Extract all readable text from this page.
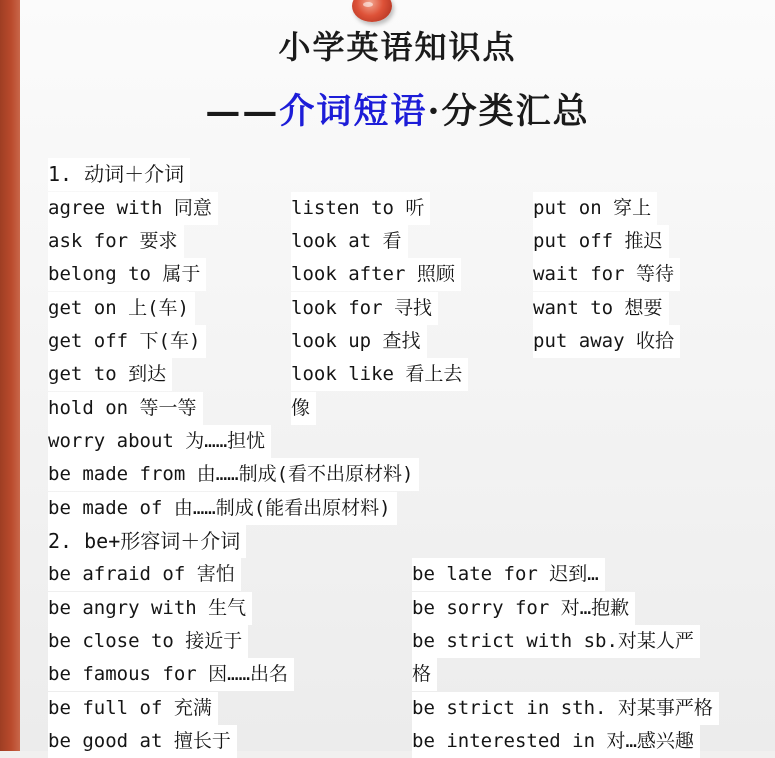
小学英语知识点
——介词短语·分类汇总
1. 动词＋介词
agree with 同意	listen to 听	put on 穿上
ask for 要求	look at 看	put off 推迟
belong to 属于	look after 照顾	wait for 等待
get on 上(车)	look for 寻找	want to 想要
get off 下(车)	look up 查找	put away 收拾
get to 到达	look like 看上去
hold on 等一等	像
worry about 为……担忧
be made from 由……制成(看不出原材料)
be made of 由……制成(能看出原材料)
2. be+形容词＋介词
be afraid of 害怕	be late for 迟到…
be angry with 生气	be sorry for 对…抱歉
be close to 接近于	be strict with sb.对某人严
be famous for 因……出名	格
be full of 充满	be strict in sth. 对某事严格
be good at 擅长于	be interested in 对…感兴趣
